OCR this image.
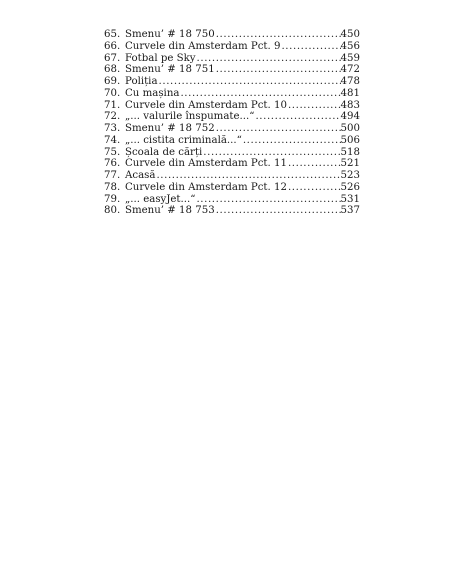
65. Smenu’ # 18 750 .....	450
66. Curvele din Amsterdam Pct. 9 .....	456
67. Fotbal pe Sky .....	459
68. Smenu’ # 18 751 .....	472
69. Poliția .....	478
70. Cu mașina .....	481
71. Curvele din Amsterdam Pct. 10 .....	483
72. „... valurile înspumate...“ .....	494
73. Smenu’ # 18 752 .....	500
74. „... cistita criminală...“ .....	506
75. Școala de cărți .....	518
76. Curvele din Amsterdam Pct. 11 .....	521
77. Acasă .....	523
78. Curvele din Amsterdam Pct. 12 .....	526
79. „... easyJet...“ .....	531
80. Smenu’ # 18 753 .....	537
